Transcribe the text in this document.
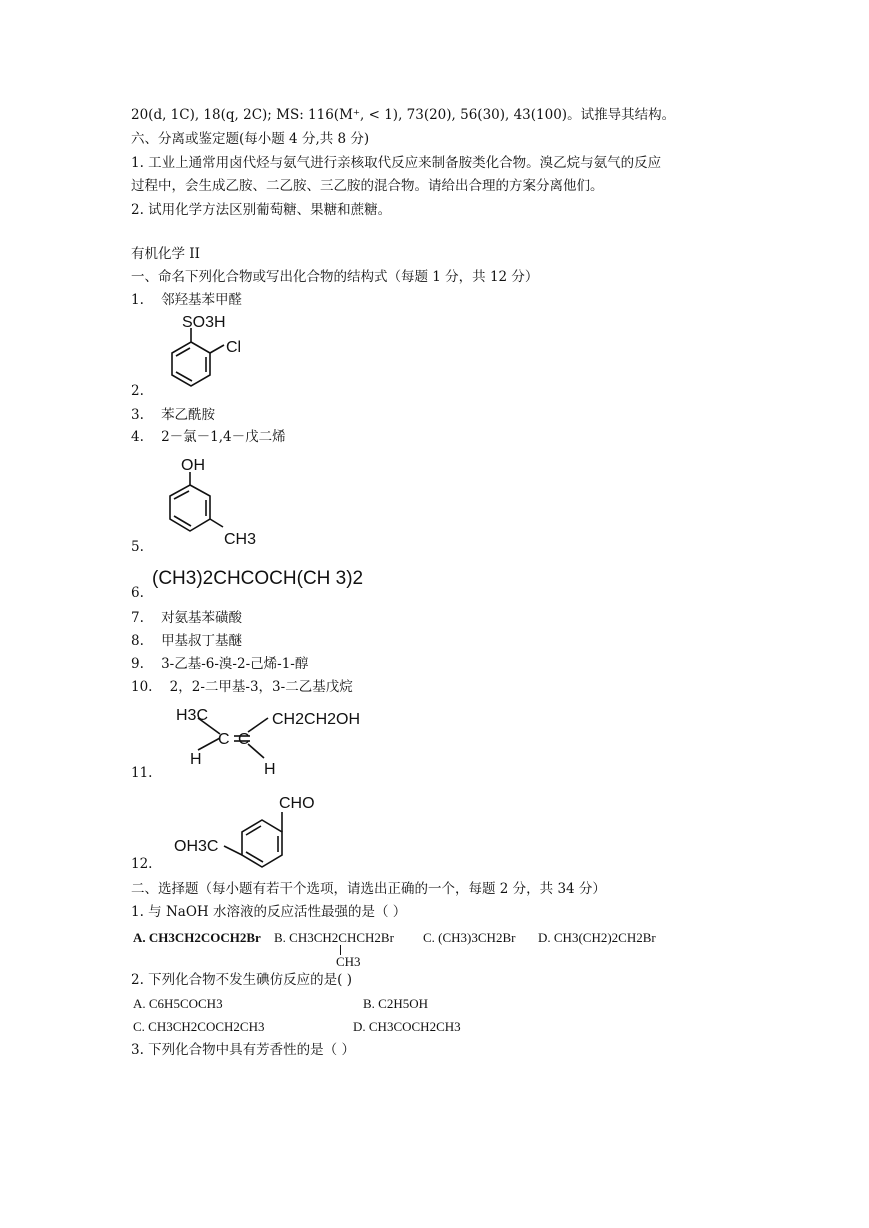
20(d, 1C), 18(q, 2C); MS: 116(M⁺, < 1), 73(20), 56(30), 43(100)。试推导其结构。
六、分离或鉴定题(每小题 4 分,共 8 分)
1. 工业上通常用卤代烃与氨气进行亲核取代反应来制备胺类化合物。溴乙烷与氨气的反应
过程中，会生成乙胺、二乙胺、三乙胺的混合物。请给出合理的方案分离他们。
2. 试用化学方法区别葡萄糖、果糖和蔗糖。
有机化学 II
一、命名下列化合物或写出化合物的结构式（每题 1 分，共 12 分）
1. 邻羟基苯甲醛
SO3H
Cl
2.
3. 苯乙酰胺
4. 2－氯－1,4－戊二烯
OH
CH3
5.
6.
(CH3)2CHCOCH(CH 3)2
7. 对氨基苯磺酸
8. 甲基叔丁基醚
9. 3-乙基-6-溴-2-己烯-1-醇
10. 2，2-二甲基-3，3-二乙基戊烷
H3C	CH2CH2OH
C C
H
H
11.
CHO
OH3C
12.
二、选择题（每小题有若干个选项，请选出正确的一个，每题 2 分，共 34 分）
1. 与 NaOH 水溶液的反应活性最强的是（ ）
A. CH3CH2COCH2Br B. CH3CH2CHCH2Br
CH3
C. (CH3)3CH2Br D. CH3(CH2)2CH2Br
2. 下列化合物不发生碘仿反应的是( )
A. C6H5COCH3	B. C2H5OH
C. CH3CH2COCH2CH3	D. CH3COCH2CH3
3. 下列化合物中具有芳香性的是（ ）
